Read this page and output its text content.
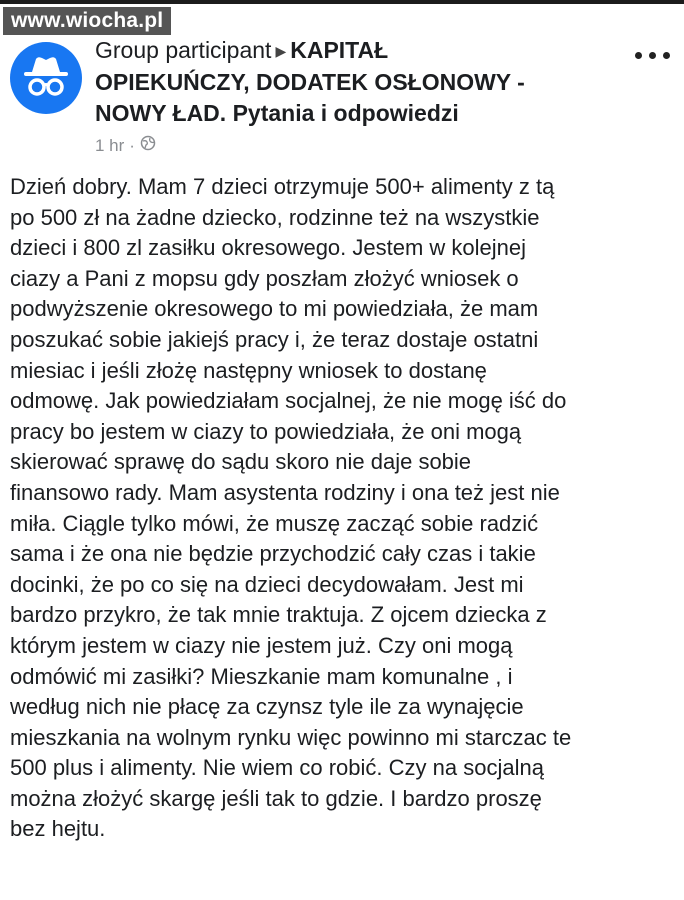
Group participant ▶ KAPITAŁ
OPIEKUŃCZY, DODATEK OSŁONOWY -
NOWY ŁAD. Pytania i odpowiedzi

1 hr ·
Dzień dobry. Mam 7 dzieci otrzymuje 500+ alimenty z tą
po 500 zł na żadne dziecko, rodzinne też na wszystkie
dzieci i 800 zl zasiłku okresowego. Jestem w kolejnej
ciazy a Pani z mopsu gdy poszłam złożyć wniosek o
podwyższenie okresowego to mi powiedziała, że mam
poszukać sobie jakiejś pracy i, że teraz dostaje ostatni
miesiac i jeśli złożę następny wniosek to dostanę
odmowę. Jak powiedziałam socjalnej, że nie mogę iść do
pracy bo jestem w ciazy to powiedziała, że oni mogą
skierować sprawę do sądu skoro nie daje sobie
finansowo rady. Mam asystenta rodziny i ona też jest nie
miła. Ciągle tylko mówi, że muszę zacząć sobie radzić
sama i że ona nie będzie przychodzić cały czas i takie
docinki, że po co się na dzieci decydowałam. Jest mi
bardzo przykro, że tak mnie traktuja. Z ojcem dziecka z
którym jestem w ciazy nie jestem już. Czy oni mogą
odmówić mi zasiłki? Mieszkanie mam komunalne , i
według nich nie płacę za czynsz tyle ile za wynajęcie
mieszkania na wolnym rynku więc powinno mi starczac te
500 plus i alimenty. Nie wiem co robić. Czy na socjalną
można złożyć skargę jeśli tak to gdzie. I bardzo proszę
bez hejtu.
www.wiocha.pl
